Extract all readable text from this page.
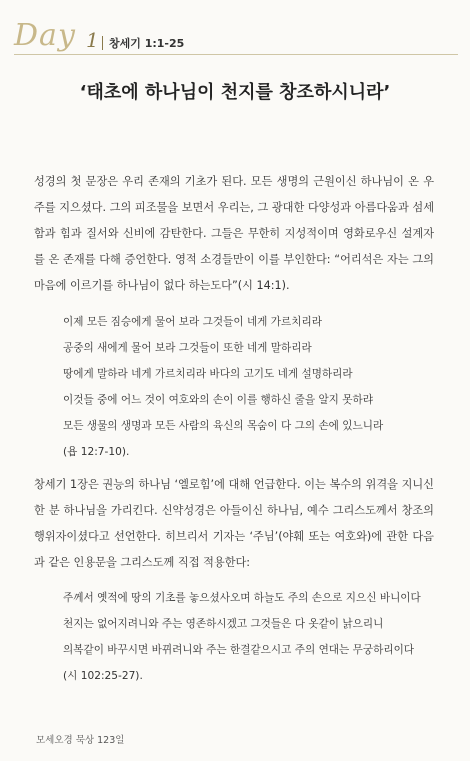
Day 1 창세기 1:1-25
‘태초에 하나님이 천지를 창조하시니라’
성경의 첫 문장은 우리 존재의 기초가 된다. 모든 생명의 근원이신 하나님이 온 우주를 지으셨다. 그의 피조물을 보면서 우리는, 그 광대한 다양성과 아름다움과 섬세함과 힘과 질서와 신비에 감탄한다. 그들은 무한히 지성적이며 영화로우신 설계자를 온 존재를 다해 증언한다. 영적 소경들만이 이를 부인한다: “어리석은 자는 그의 마음에 이르기를 하나님이 없다 하는도다”(시 14:1).
이제 모든 짐승에게 물어 보라 그것들이 네게 가르치리라
공중의 새에게 물어 보라 그것들이 또한 네게 말하리라
땅에게 말하라 네게 가르치리라 바다의 고기도 네게 설명하리라
이것들 중에 어느 것이 여호와의 손이 이를 행하신 줄을 알지 못하랴
모든 생물의 생명과 모든 사람의 육신의 목숨이 다 그의 손에 있느니라
(욥 12:7-10).
창세기 1장은 권능의 하나님 ‘엘로힘’에 대해 언급한다. 이는 복수의 위격을 지니신 한 분 하나님을 가리킨다. 신약성경은 아들이신 하나님, 예수 그리스도께서 창조의 행위자이셨다고 선언한다. 히브리서 기자는 ‘주님’(야훼 또는 여호와)에 관한 다음과 같은 인용문을 그리스도께 직접 적용한다:
주께서 옛적에 땅의 기초를 놓으셨사오며 하늘도 주의 손으로 지으신 바니이다
천지는 없어지려니와 주는 영존하시겠고 그것들은 다 옷같이 낡으리니
의복같이 바꾸시면 바뀌려니와 주는 한결같으시고 주의 연대는 무궁하리이다
(시 102:25-27).
모세오경 묵상 123일
